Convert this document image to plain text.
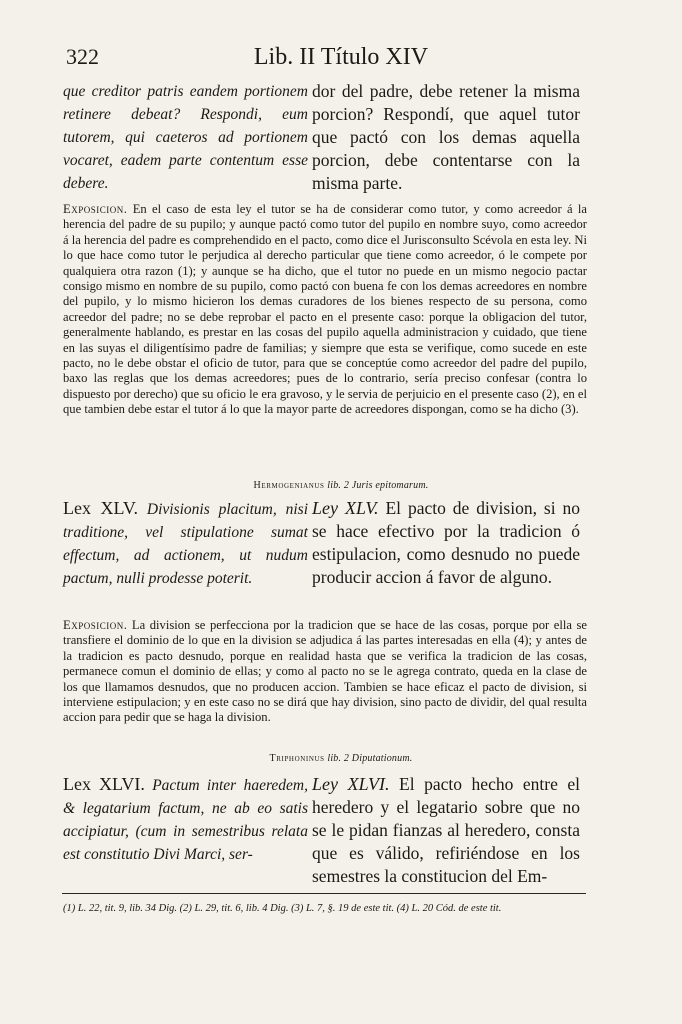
322	Lib. II Título XIV
que creditor patris eandem portionem retinere debeat? Respondi, eum tutorem, qui caeteros ad portionem vocaret, eadem parte contentum esse debere.
dor del padre, debe retener la misma porcion? Respondí, que aquel tutor que pactó con los demas aquella porcion, debe contentarse con la misma parte.
Exposicion. En el caso de esta ley el tutor se ha de considerar como tutor, y como acreedor á la herencia del padre de su pupilo; y aunque pactó como tutor del pupilo en nombre suyo, como acreedor á la herencia del padre es comprehendido en el pacto, como dice el Jurisconsulto Scévola en esta ley. Ni lo que hace como tutor le perjudica al derecho particular que tiene como acreedor, ó le compete por qualquiera otra razon (1); y aunque se ha dicho, que el tutor no puede en un mismo negocio pactar consigo mismo en nombre de su pupilo, como pactó con buena fe con los demas acreedores en nombre del pupilo, y lo mismo hicieron los demas curadores de los bienes respecto de su persona, como acreedor del padre; no se debe reprobar el pacto en el presente caso: porque la obligacion del tutor, generalmente hablando, es prestar en las cosas del pupilo aquella administracion y cuidado, que tiene en las suyas el diligentísimo padre de familias; y siempre que esta se verifique, como sucede en este pacto, no le debe obstar el oficio de tutor, para que se conceptúe como acreedor del padre del pupilo, baxo las reglas que los demas acreedores; pues de lo contrario, sería preciso confesar (contra lo dispuesto por derecho) que su oficio le era gravoso, y le servia de perjuicio en el presente caso (2), en el que tambien debe estar el tutor á lo que la mayor parte de acreedores dispongan, como se ha dicho (3).
Hermogenianus lib. 2 Juris epitomarum.
Lex XLV. Divisionis placitum, nisi traditione, vel stipulatione sumat effectum, ad actionem, ut nudum pactum, nulli prodesse poterit.
Ley XLV. El pacto de division, si no se hace efectivo por la tradicion ó estipulacion, como desnudo no puede producir accion á favor de alguno.
Exposicion. La division se perfecciona por la tradicion que se hace de las cosas, porque por ella se transfiere el dominio de lo que en la division se adjudica á las partes interesadas en ella (4); y antes de la tradicion es pacto desnudo, porque en realidad hasta que se verifica la tradicion de las cosas, permanece comun el dominio de ellas; y como al pacto no se le agrega contrato, queda en la clase de los que llamamos desnudos, que no producen accion. Tambien se hace eficaz el pacto de division, si interviene estipulacion; y en este caso no se dirá que hay division, sino pacto de dividir, del qual resulta accion para pedir que se haga la division.
Triphoninus lib. 2 Diputationum.
Lex XLVI. Pactum inter haeredem, & legatarium factum, ne ab eo satis accipiatur, (cum in semestribus relata est constitutio Divi Marci, ser-
Ley XLVI. El pacto hecho entre el heredero y el legatario sobre que no se le pidan fianzas al heredero, consta que es válido, refiriéndose en los semestres la constitucion del Em-
(1) L. 22, tit. 9, lib. 34 Dig. (2) L. 29, tit. 6, lib. 4 Dig. (3) L. 7, §. 19 de este tit. (4) L. 20 Cód. de este tit.
